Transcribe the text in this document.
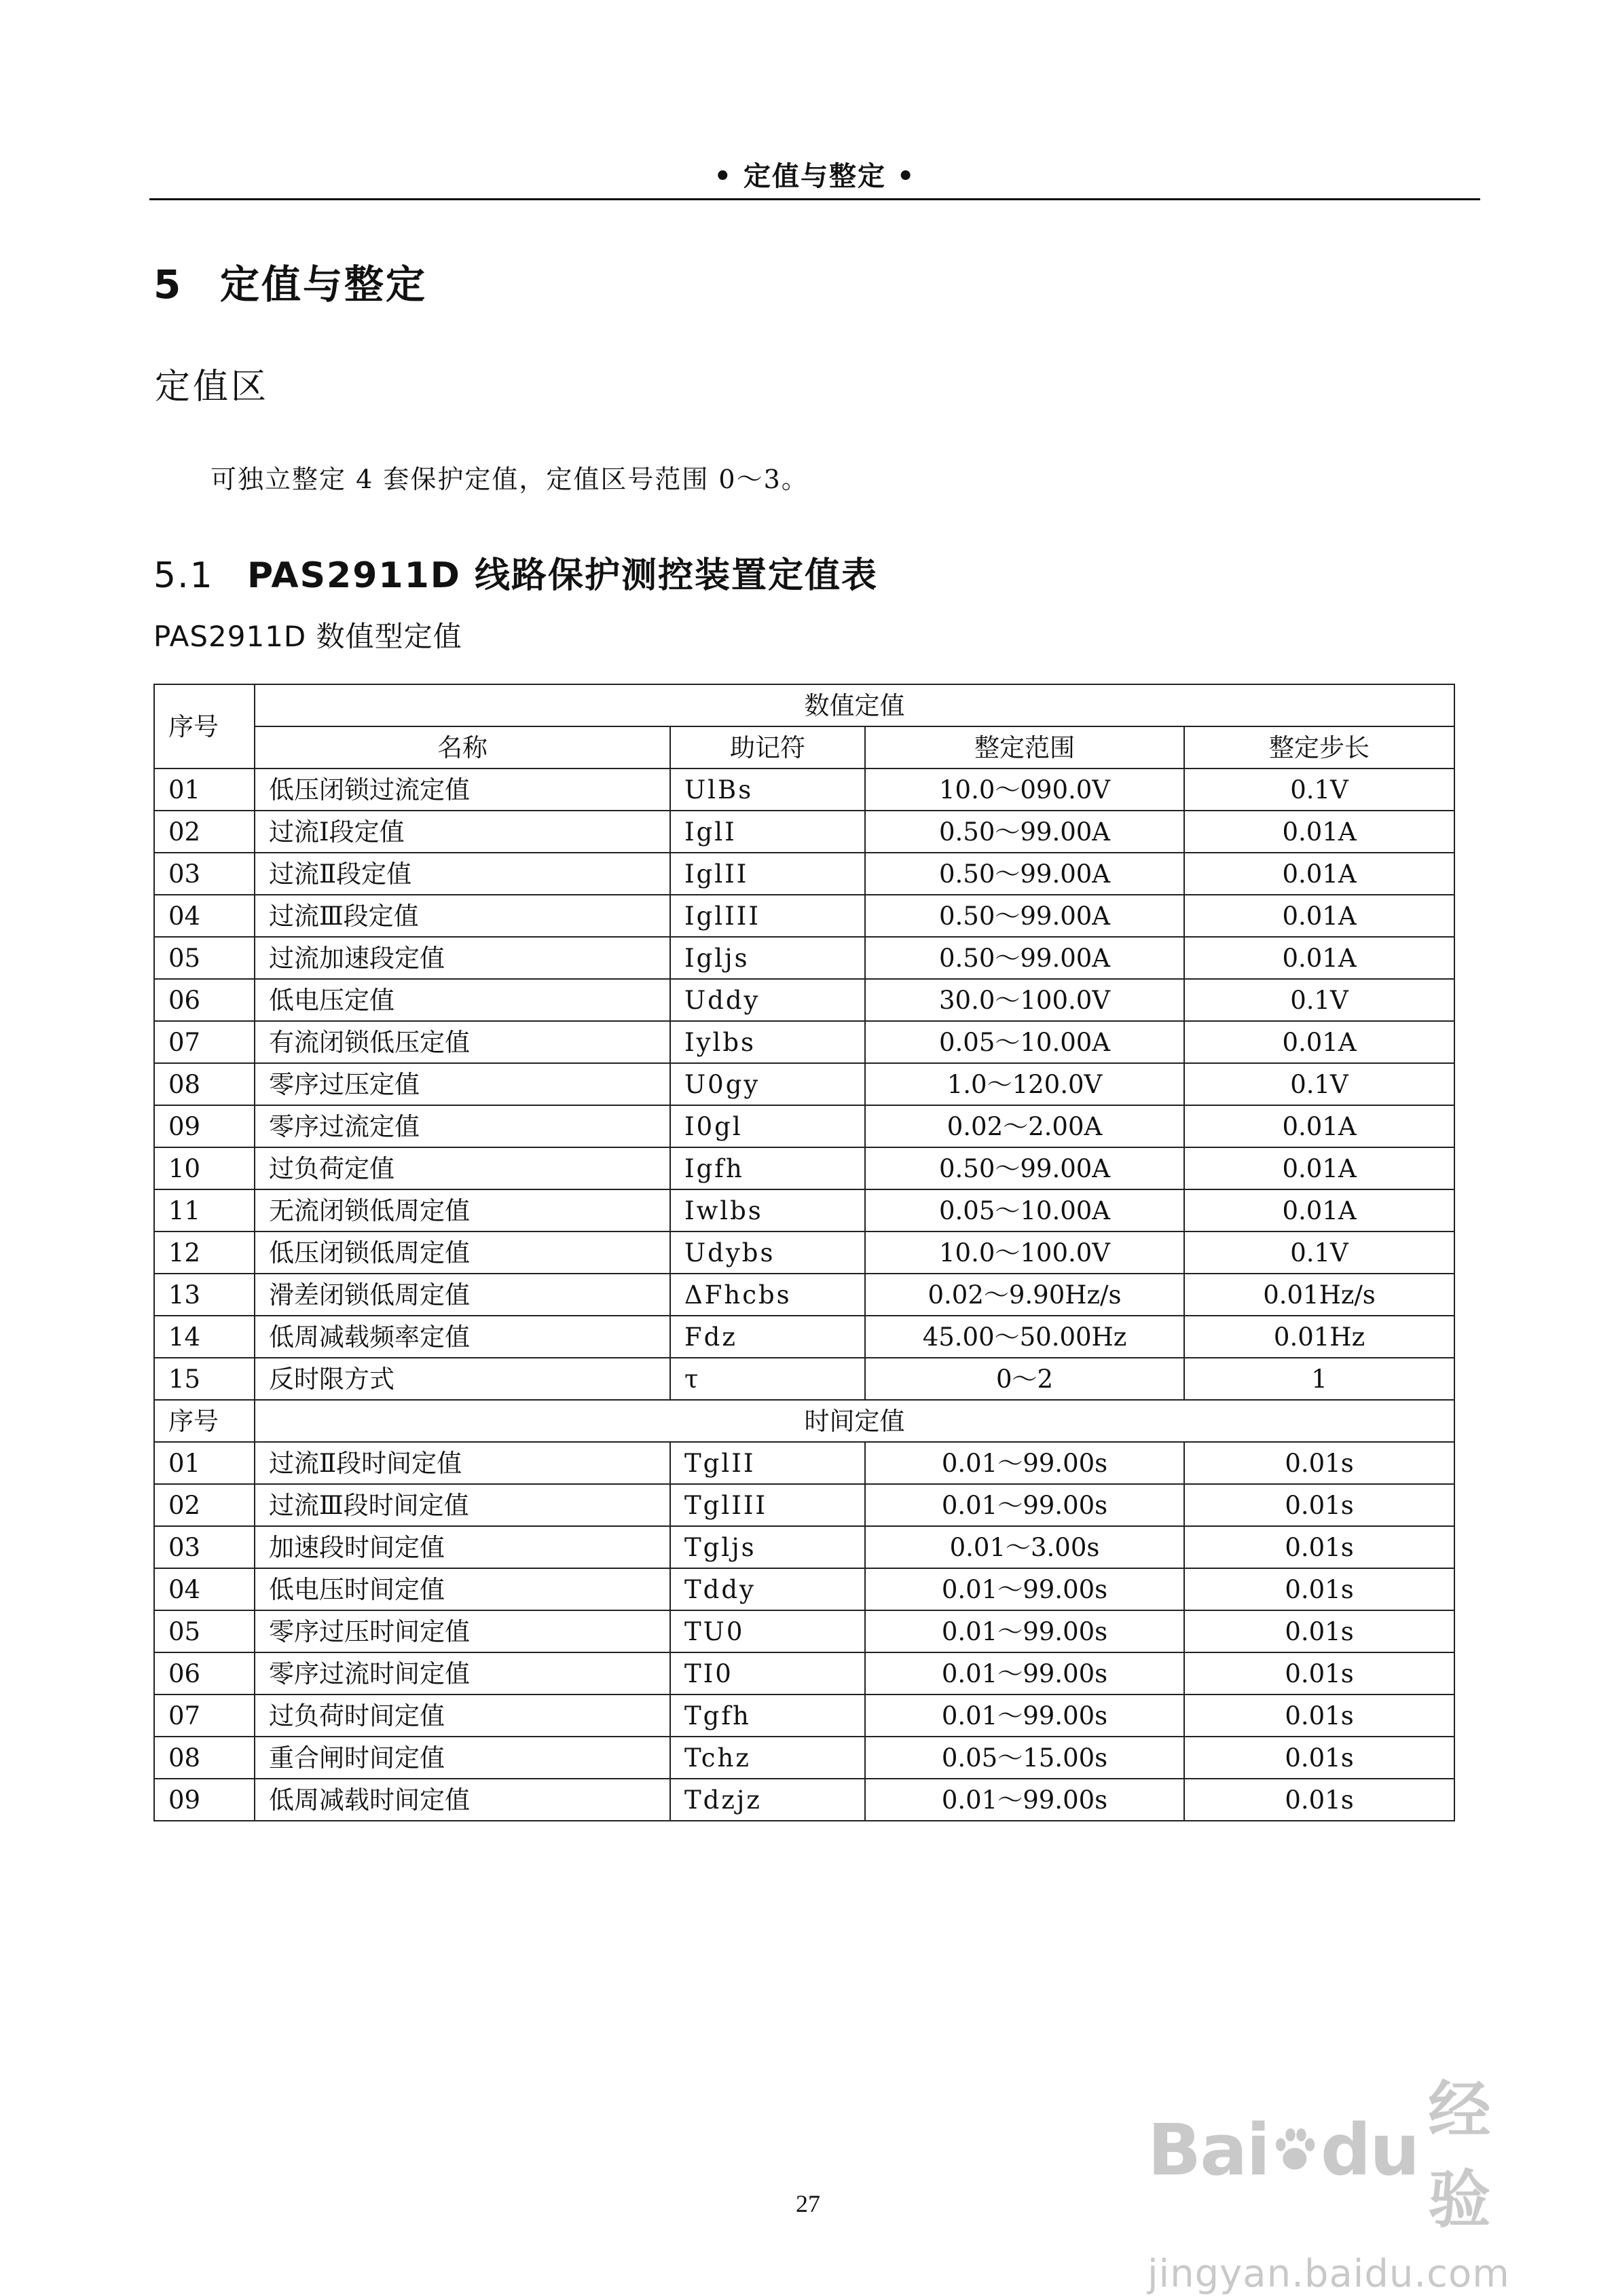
• 定值与整定 •
5 定值与整定
定值区
可独立整定 4 套保护定值，定值区号范围 0～3。
5.1 PAS2911D 线路保护测控装置定值表
PAS2911D 数值型定值
序号	数值定值			
	名称	助记符	整定范围	整定步长
01	低压闭锁过流定值	UlBs	10.0～090.0V	0.1V
02	过流Ⅰ段定值	IglI	0.50～99.00A	0.01A
03	过流Ⅱ段定值	IglII	0.50～99.00A	0.01A
04	过流Ⅲ段定值	IglIII	0.50～99.00A	0.01A
05	过流加速段定值	Igljs	0.50～99.00A	0.01A
06	低电压定值	Uddy	30.0～100.0V	0.1V
07	有流闭锁低压定值	Iylbs	0.05～10.00A	0.01A
08	零序过压定值	U0gy	1.0～120.0V	0.1V
09	零序过流定值	I0gl	0.02～2.00A	0.01A
10	过负荷定值	Igfh	0.50～99.00A	0.01A
11	无流闭锁低周定值	Iwlbs	0.05～10.00A	0.01A
12	低压闭锁低周定值	Udybs	10.0～100.0V	0.1V
13	滑差闭锁低周定值	ΔFhcbs	0.02～9.90Hz/s	0.01Hz/s
14	低周减载频率定值	Fdz	45.00～50.00Hz	0.01Hz
15	反时限方式	τ	0～2	1
序号	时间定值			
01	过流Ⅱ段时间定值	TglII	0.01～99.00s	0.01s
02	过流Ⅲ段时间定值	TglIII	0.01～99.00s	0.01s
03	加速段时间定值	Tgljs	0.01～3.00s	0.01s
04	低电压时间定值	Tddy	0.01～99.00s	0.01s
05	零序过压时间定值	TU0	0.01～99.00s	0.01s
06	零序过流时间定值	TI0	0.01～99.00s	0.01s
07	过负荷时间定值	Tgfh	0.01～99.00s	0.01s
08	重合闸时间定值	Tchz	0.05～15.00s	0.01s
09	低周减载时间定值	Tdzjz	0.01～99.00s	0.01s
27
Bai du 经验
jingyan.baidu.com
